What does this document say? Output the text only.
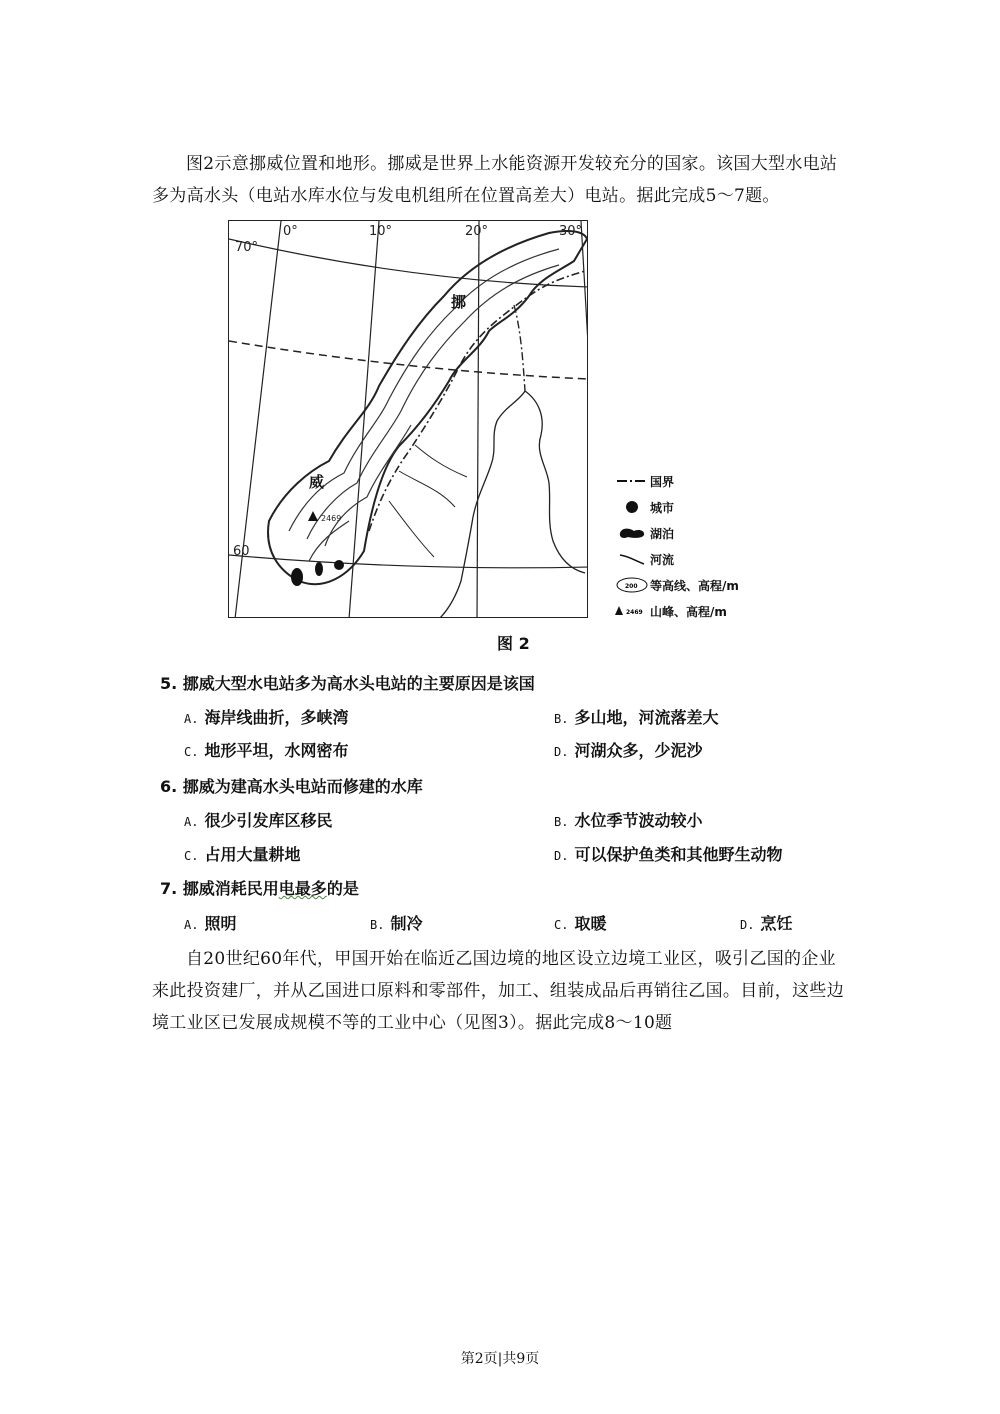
图2示意挪威位置和地形。挪威是世界上水能资源开发较充分的国家。该国大型水电站多为高水头（电站水库水位与发电机组所在位置高差大）电站。据此完成5～7题。
2469
挪
威
0°	10°	20°	30°
70°
60
国界
城市
湖泊
河流
200 等高线、高程/m
2469 山峰、高程/m
图 2
5. 挪威大型水电站多为高水头电站的主要原因是该国
A. 海岸线曲折，多峡湾	B. 多山地，河流落差大
C. 地形平坦，水网密布	D. 河湖众多，少泥沙
6. 挪威为建高水头电站而修建的水库
A. 很少引发库区移民	B. 水位季节波动较小
C. 占用大量耕地	D. 可以保护鱼类和其他野生动物
7. 挪威消耗民用电最多的是
A. 照明	B. 制冷	C. 取暖	D. 烹饪
自20世纪60年代，甲国开始在临近乙国边境的地区设立边境工业区，吸引乙国的企业来此投资建厂，并从乙国进口原料和零部件，加工、组装成品后再销往乙国。目前，这些边境工业区已发展成规模不等的工业中心（见图3）。据此完成8～10题
第2页|共9页
